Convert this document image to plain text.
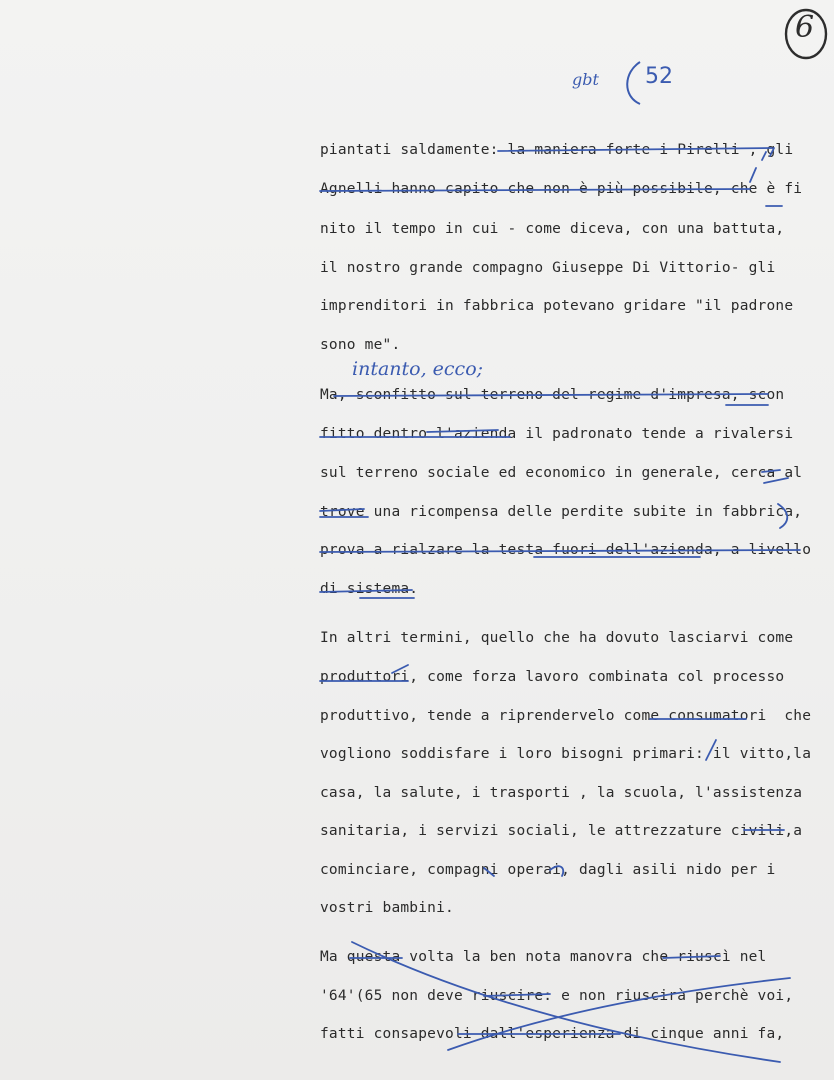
6
gbt 52
intanto, ecco;
piantati saldamente: la maniera forte i Pirelli , gli
Agnelli hanno capito che non è più possibile, che è fi
nito il tempo in cui - come diceva, con una battuta,
il nostro grande compagno Giuseppe Di Vittorio- gli
imprenditori in fabbrica potevano gridare "il padrone
sono me".
Ma, sconfitto sul terreno del regime d'impresa, scon
fitto dentro l'azienda il padronato tende a rivalersi
sul terreno sociale ed economico in generale, cerca al
trove una ricompensa delle perdite subite in fabbrica,
prova a rialzare la testa fuori dell'azienda, a livello
di sistema.
In altri termini, quello che ha dovuto lasciarvi come
produttori, come forza lavoro combinata col processo
produttivo, tende a riprendervelo come consumatori  che
vogliono soddisfare i loro bisogni primari: il vitto,la
casa, la salute, i trasporti , la scuola, l'assistenza
sanitaria, i servizi sociali, le attrezzature civili,a
cominciare, compagni operai, dagli asili nido per i
vostri bambini.
Ma questa volta la ben nota manovra che riuscì nel
'64'(65 non deve riuscire: e non riuscirà perchè voi,
fatti consapevoli dall'esperienza di cinque anni fa,
